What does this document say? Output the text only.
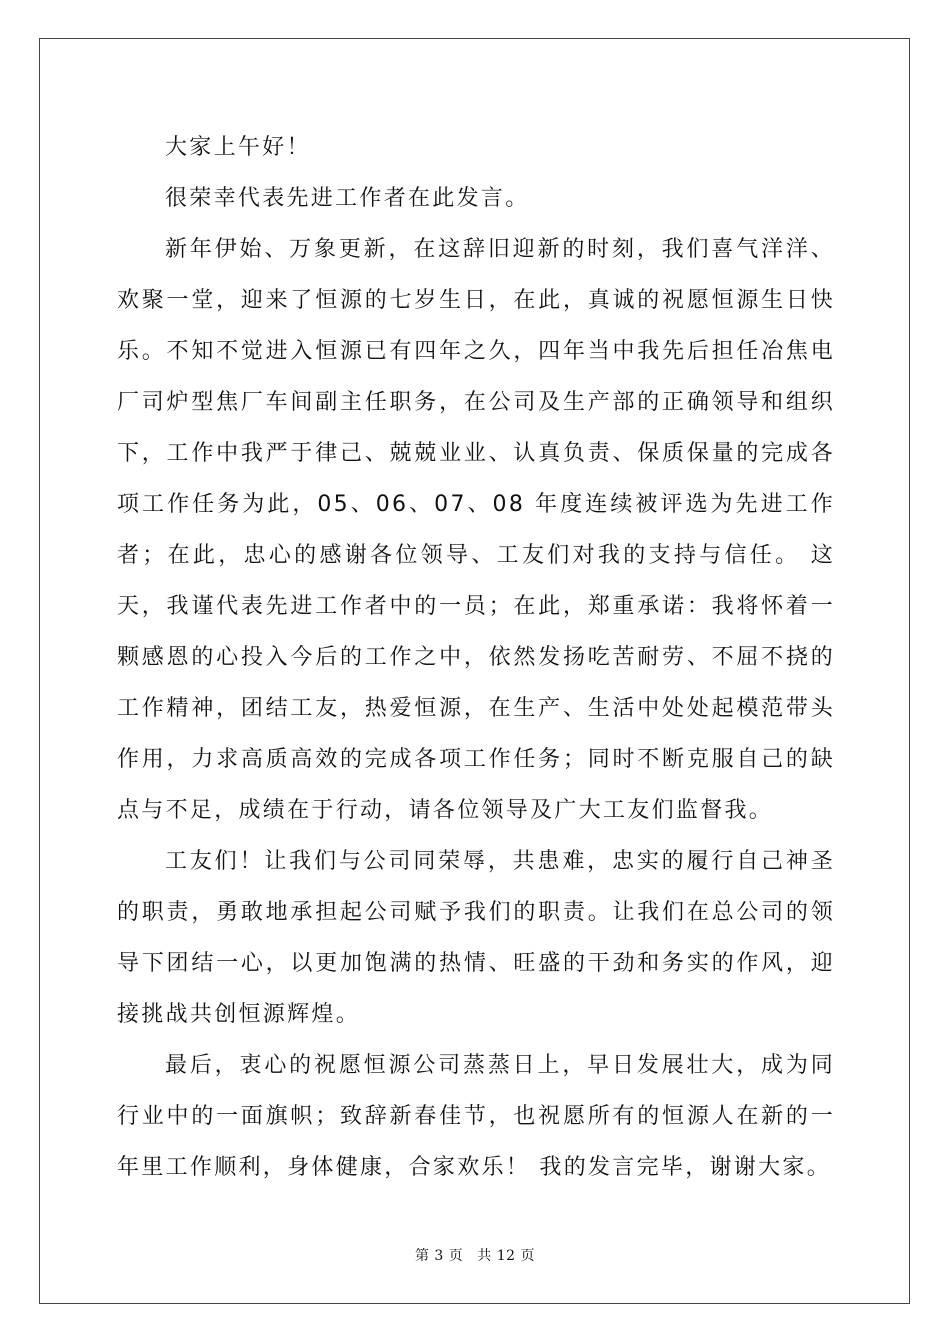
大家上午好！

很荣幸代表先进工作者在此发言。

新年伊始、万象更新，在这辞旧迎新的时刻，我们喜气洋洋、欢聚一堂，迎来了恒源的七岁生日，在此，真诚的祝愿恒源生日快乐。不知不觉进入恒源已有四年之久，四年当中我先后担任冶焦电厂司炉型焦厂车间副主任职务，在公司及生产部的正确领导和组织下，工作中我严于律己、兢兢业业、认真负责、保质保量的完成各项工作任务为此，05、06、07、08 年度连续被评选为先进工作者；在此，忠心的感谢各位领导、工友们对我的支持与信任。 这天，我谨代表先进工作者中的一员；在此，郑重承诺：我将怀着一颗感恩的心投入今后的工作之中，依然发扬吃苦耐劳、不屈不挠的工作精神，团结工友，热爱恒源，在生产、生活中处处起模范带头作用，力求高质高效的完成各项工作任务；同时不断克服自己的缺点与不足，成绩在于行动，请各位领导及广大工友们监督我。

工友们！让我们与公司同荣辱，共患难，忠实的履行自己神圣的职责，勇敢地承担起公司赋予我们的职责。让我们在总公司的领导下团结一心，以更加饱满的热情、旺盛的干劲和务实的作风，迎接挑战共创恒源辉煌。

最后，衷心的祝愿恒源公司蒸蒸日上，早日发展壮大，成为同行业中的一面旗帜；致辞新春佳节，也祝愿所有的恒源人在新的一年里工作顺利，身体健康，合家欢乐！ 我的发言完毕，谢谢大家。

第 3 页 共 12 页
